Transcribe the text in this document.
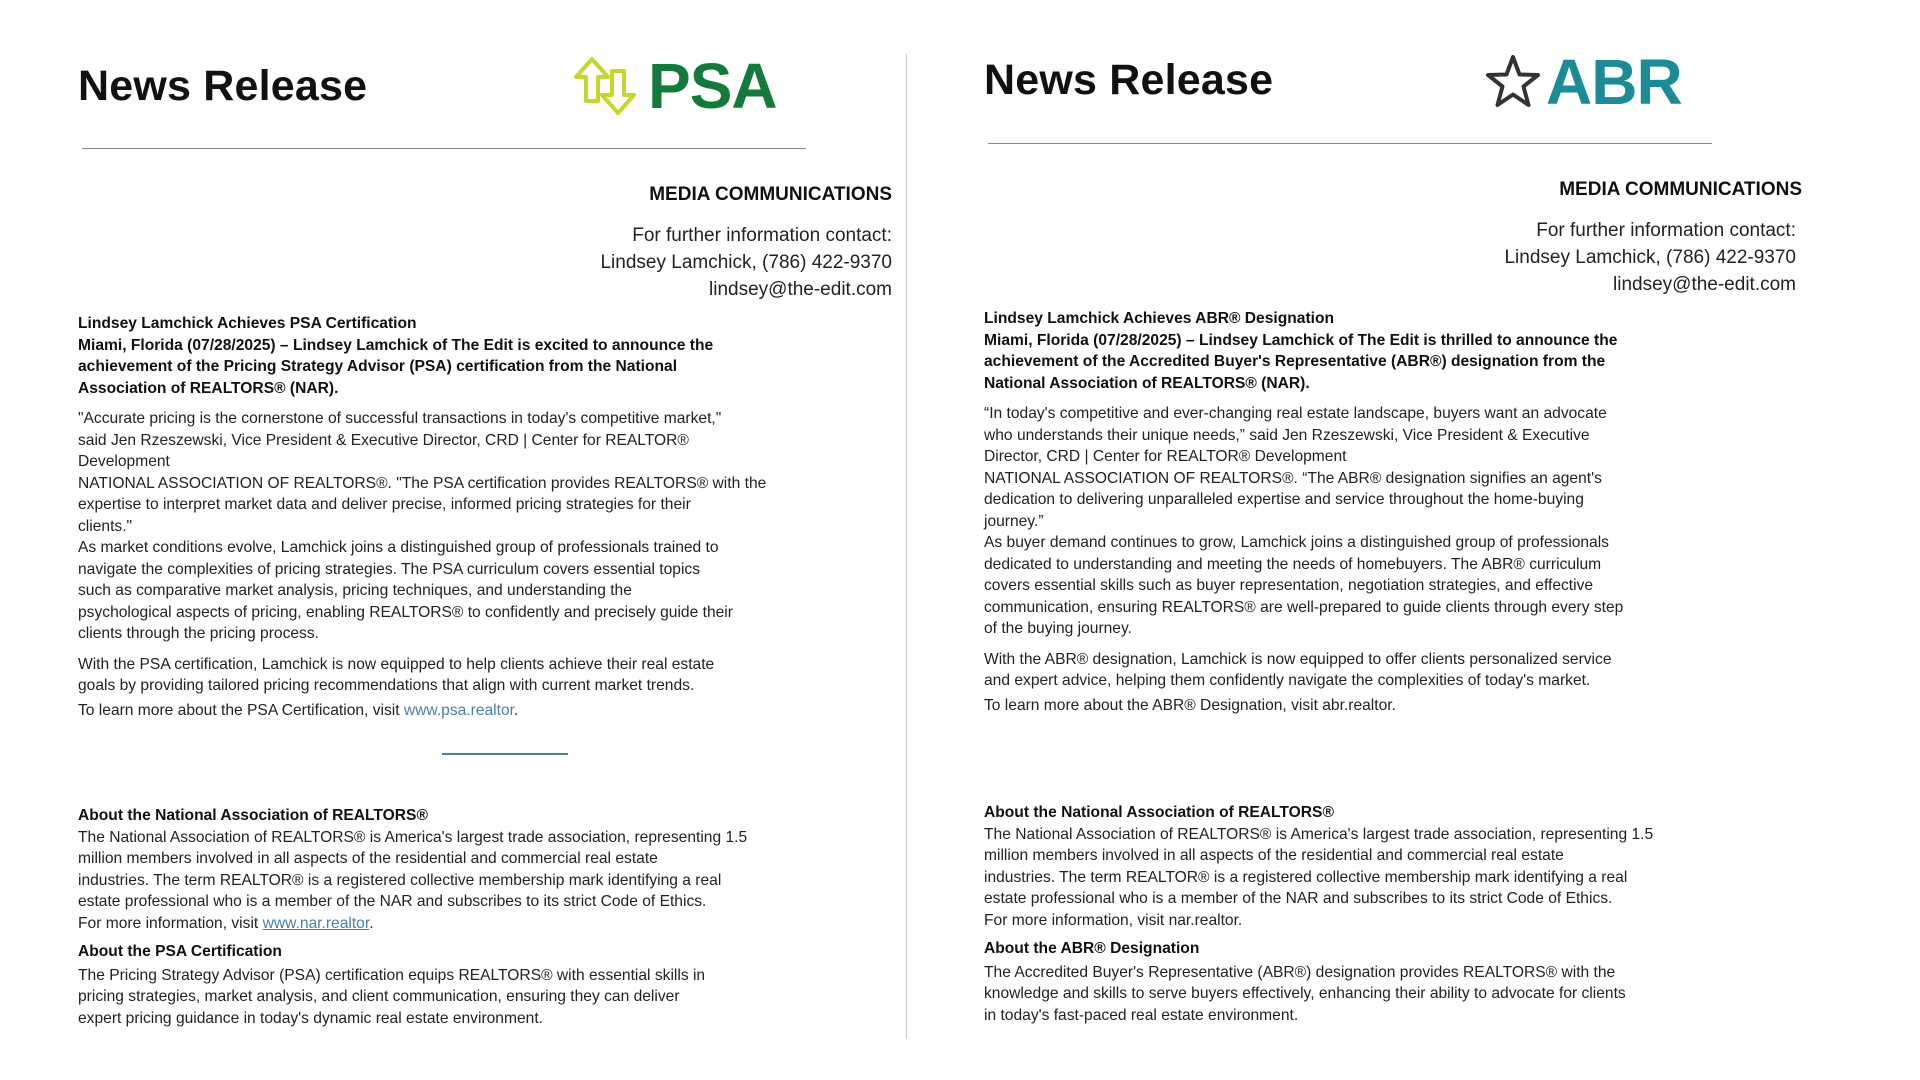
News Release	PSA
MEDIA COMMUNICATIONS
For further information contact:
Lindsey Lamchick, (786) 422-9370
lindsey@the-edit.com
Lindsey Lamchick Achieves PSA Certification
Miami, Florida (07/28/2025) – Lindsey Lamchick of The Edit is excited to announce the
achievement of the Pricing Strategy Advisor (PSA) certification from the National
Association of REALTORS® (NAR).
"Accurate pricing is the cornerstone of successful transactions in today's competitive market,"
said Jen Rzeszewski, Vice President & Executive Director, CRD | Center for REALTOR®
Development
NATIONAL ASSOCIATION OF REALTORS®. "The PSA certification provides REALTORS® with the
expertise to interpret market data and deliver precise, informed pricing strategies for their
clients."
As market conditions evolve, Lamchick joins a distinguished group of professionals trained to
navigate the complexities of pricing strategies. The PSA curriculum covers essential topics
such as comparative market analysis, pricing techniques, and understanding the
psychological aspects of pricing, enabling REALTORS® to confidently and precisely guide their
clients through the pricing process.
With the PSA certification, Lamchick is now equipped to help clients achieve their real estate
goals by providing tailored pricing recommendations that align with current market trends.
To learn more about the PSA Certification, visit www.psa.realtor.
About the National Association of REALTORS®
The National Association of REALTORS® is America's largest trade association, representing 1.5
million members involved in all aspects of the residential and commercial real estate
industries. The term REALTOR® is a registered collective membership mark identifying a real
estate professional who is a member of the NAR and subscribes to its strict Code of Ethics.
For more information, visit www.nar.realtor.
About the PSA Certification
The Pricing Strategy Advisor (PSA) certification equips REALTORS® with essential skills in
pricing strategies, market analysis, and client communication, ensuring they can deliver
expert pricing guidance in today's dynamic real estate environment.
News Release	ABR
MEDIA COMMUNICATIONS
For further information contact:
Lindsey Lamchick, (786) 422-9370
lindsey@the-edit.com
Lindsey Lamchick Achieves ABR® Designation
Miami, Florida (07/28/2025) – Lindsey Lamchick of The Edit is thrilled to announce the
achievement of the Accredited Buyer's Representative (ABR®) designation from the
National Association of REALTORS® (NAR).
“In today's competitive and ever-changing real estate landscape, buyers want an advocate
who understands their unique needs,” said Jen Rzeszewski, Vice President & Executive
Director, CRD | Center for REALTOR® Development
NATIONAL ASSOCIATION OF REALTORS®. “The ABR® designation signifies an agent's
dedication to delivering unparalleled expertise and service throughout the home-buying
journey.”
As buyer demand continues to grow, Lamchick joins a distinguished group of professionals
dedicated to understanding and meeting the needs of homebuyers. The ABR® curriculum
covers essential skills such as buyer representation, negotiation strategies, and effective
communication, ensuring REALTORS® are well-prepared to guide clients through every step
of the buying journey.
With the ABR® designation, Lamchick is now equipped to offer clients personalized service
and expert advice, helping them confidently navigate the complexities of today's market.
To learn more about the ABR® Designation, visit abr.realtor.
About the National Association of REALTORS®
The National Association of REALTORS® is America's largest trade association, representing 1.5
million members involved in all aspects of the residential and commercial real estate
industries. The term REALTOR® is a registered collective membership mark identifying a real
estate professional who is a member of the NAR and subscribes to its strict Code of Ethics.
For more information, visit nar.realtor.
About the ABR® Designation
The Accredited Buyer's Representative (ABR®) designation provides REALTORS® with the
knowledge and skills to serve buyers effectively, enhancing their ability to advocate for clients
in today's fast-paced real estate environment.
